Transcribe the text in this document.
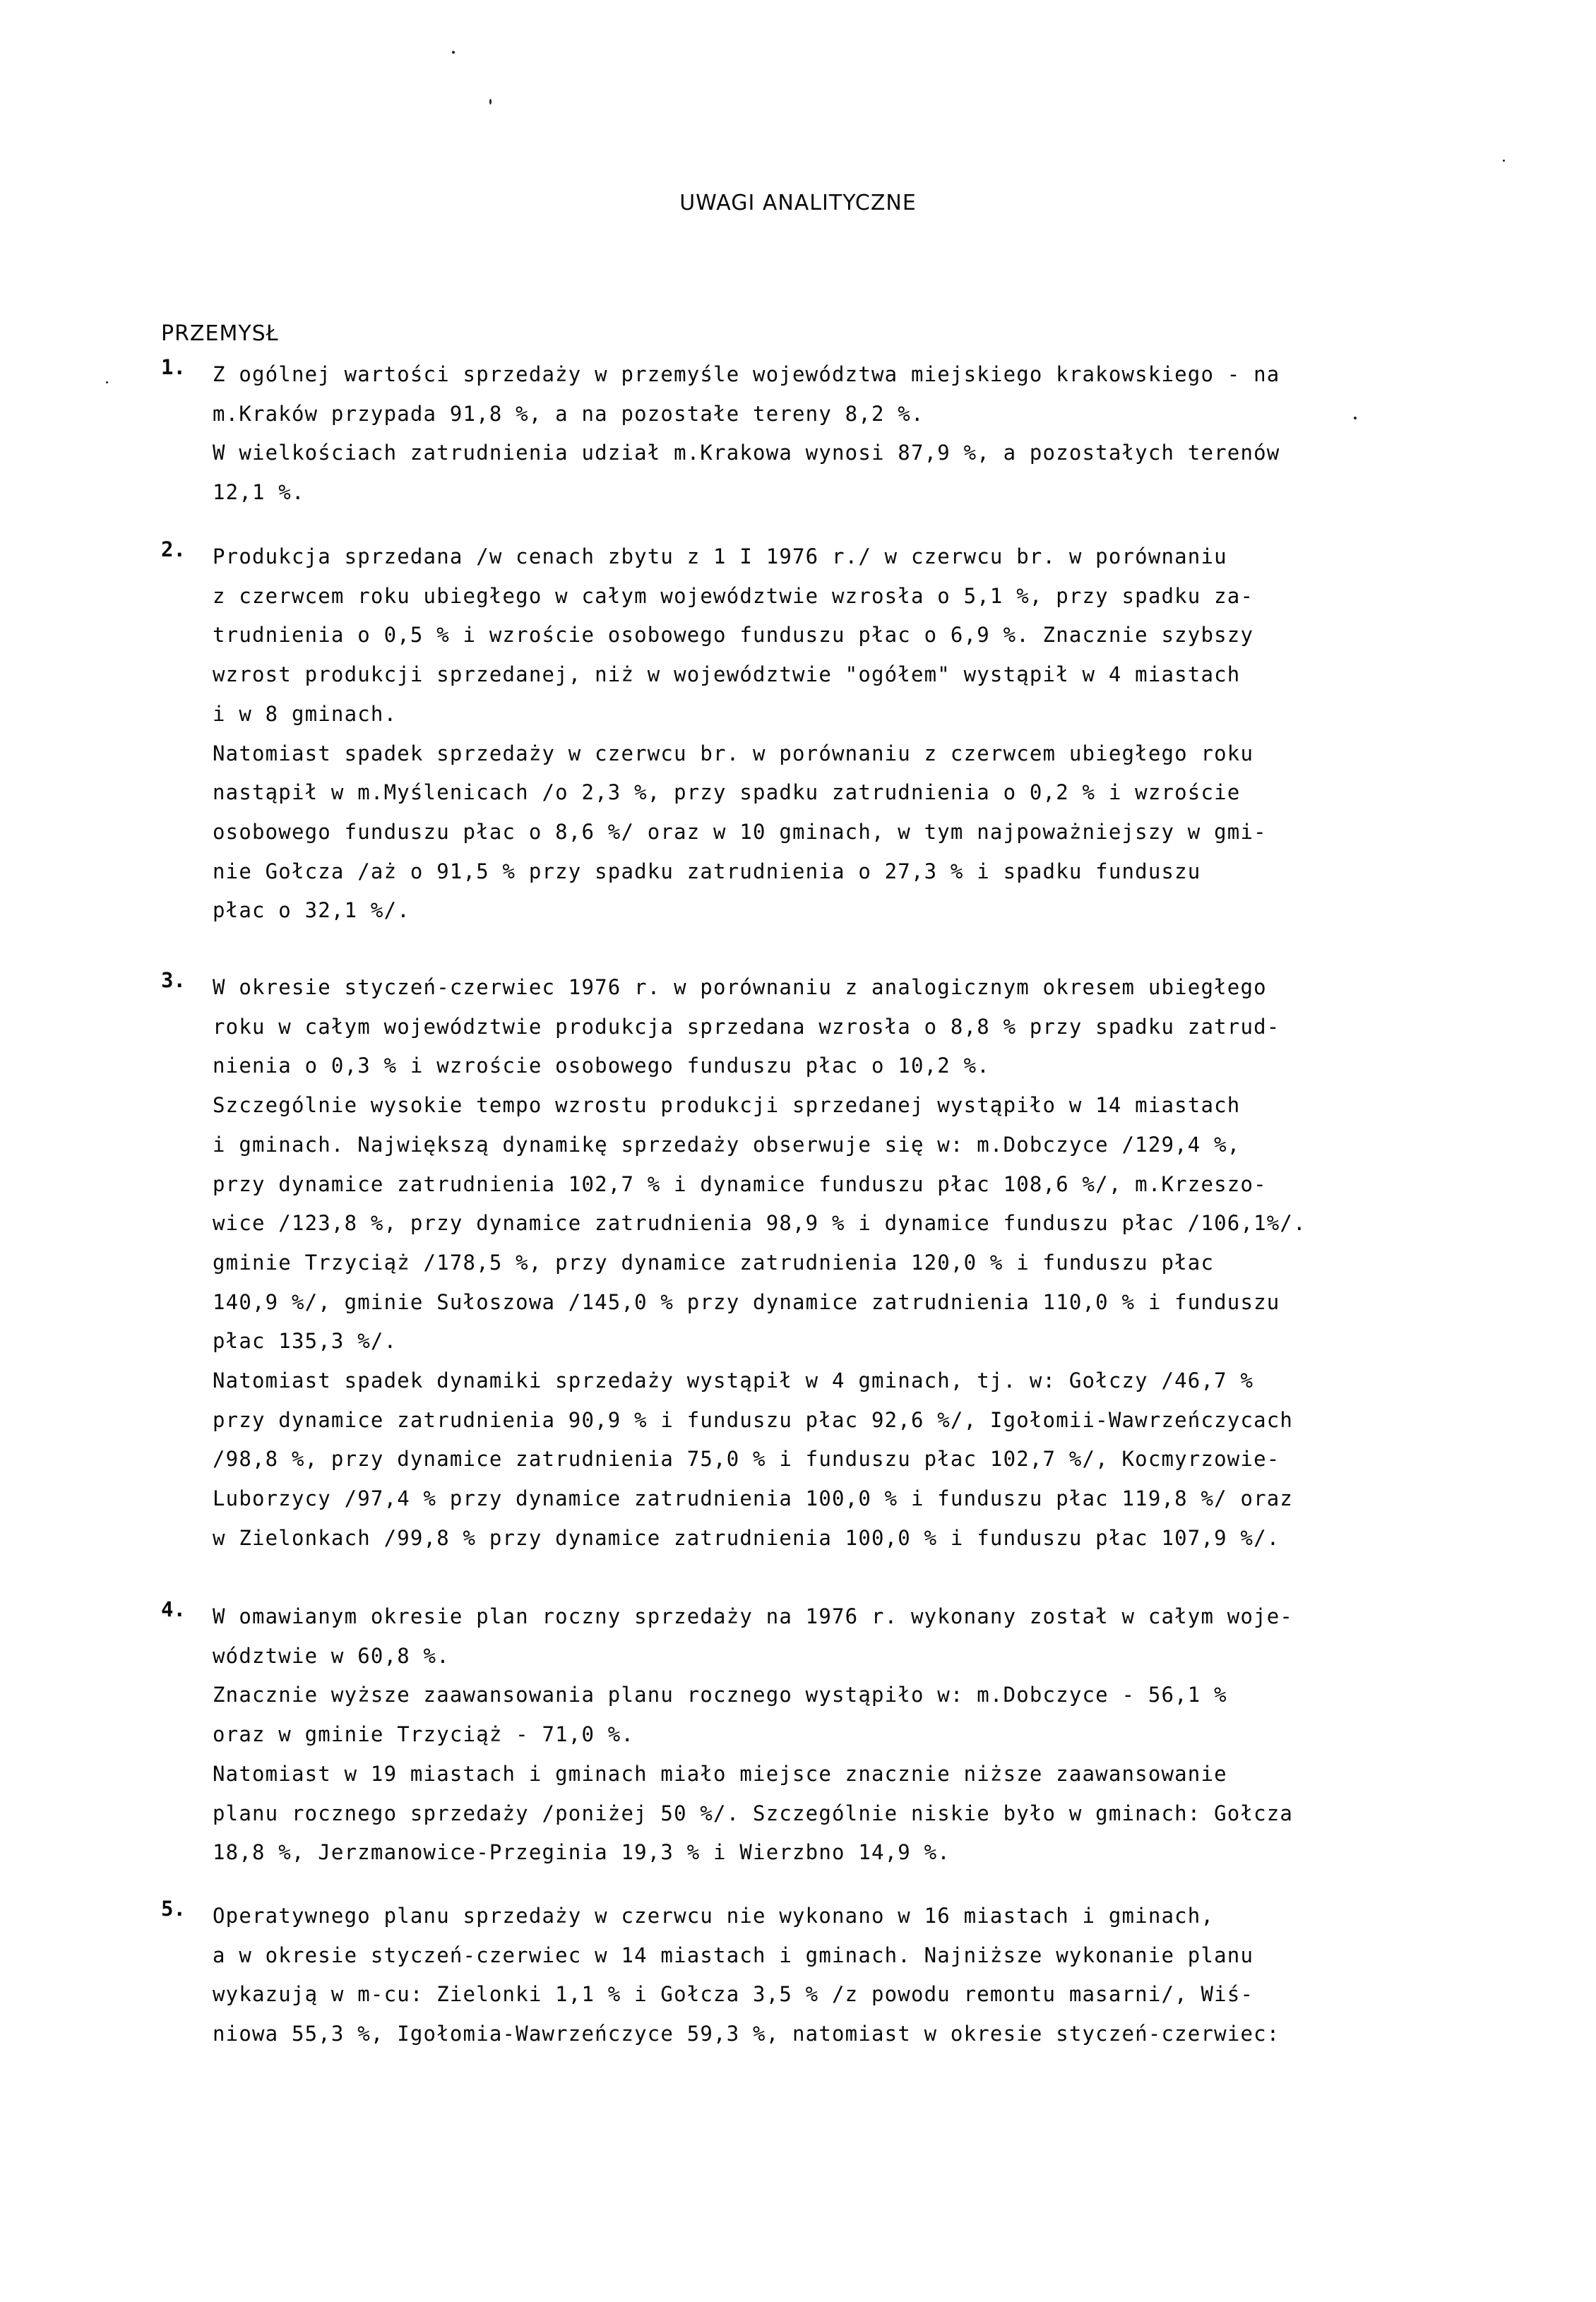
UWAGI ANALITYCZNE
PRZEMYSŁ
1. Z ogólnej wartości sprzedaży w przemyśle województwa miejskiego krakowskiego - na
m.Kraków przypada 91,8 %, a na pozostałe tereny 8,2 %.
W wielkościach zatrudnienia udział m.Krakowa wynosi 87,9 %, a pozostałych terenów
12,1 %.
2. Produkcja sprzedana /w cenach zbytu z 1 I 1976 r./ w czerwcu br. w porównaniu
z czerwcem roku ubiegłego w całym województwie wzrosła o 5,1 %, przy spadku za-
trudnienia o 0,5 % i wzroście osobowego funduszu płac o 6,9 %. Znacznie szybszy
wzrost produkcji sprzedanej, niż w województwie "ogółem" wystąpił w 4 miastach
i w 8 gminach.
Natomiast spadek sprzedaży w czerwcu br. w porównaniu z czerwcem ubiegłego roku
nastąpił w m.Myślenicach /o 2,3 %, przy spadku zatrudnienia o 0,2 % i wzroście
osobowego funduszu płac o 8,6 %/ oraz w 10 gminach, w tym najpoważniejszy w gmi-
nie Gołcza /aż o 91,5 % przy spadku zatrudnienia o 27,3 % i spadku funduszu
płac o 32,1 %/.
3. W okresie styczeń-czerwiec 1976 r. w porównaniu z analogicznym okresem ubiegłego
roku w całym województwie produkcja sprzedana wzrosła o 8,8 % przy spadku zatrud-
nienia o 0,3 % i wzroście osobowego funduszu płac o 10,2 %.
Szczególnie wysokie tempo wzrostu produkcji sprzedanej wystąpiło w 14 miastach
i gminach. Największą dynamikę sprzedaży obserwuje się w: m.Dobczyce /129,4 %,
przy dynamice zatrudnienia 102,7 % i dynamice funduszu płac 108,6 %/, m.Krzeszo-
wice /123,8 %, przy dynamice zatrudnienia 98,9 % i dynamice funduszu płac /106,1%/.
gminie Trzyciąż /178,5 %, przy dynamice zatrudnienia 120,0 % i funduszu płac
140,9 %/, gminie Sułoszowa /145,0 % przy dynamice zatrudnienia 110,0 % i funduszu
płac 135,3 %/.
Natomiast spadek dynamiki sprzedaży wystąpił w 4 gminach, tj. w: Gołczy /46,7 %
przy dynamice zatrudnienia 90,9 % i funduszu płac 92,6 %/, Igołomii-Wawrzeńczycach
/98,8 %, przy dynamice zatrudnienia 75,0 % i funduszu płac 102,7 %/, Kocmyrzowie-
Luborzycy /97,4 % przy dynamice zatrudnienia 100,0 % i funduszu płac 119,8 %/ oraz
w Zielonkach /99,8 % przy dynamice zatrudnienia 100,0 % i funduszu płac 107,9 %/.
4. W omawianym okresie plan roczny sprzedaży na 1976 r. wykonany został w całym woje-
wództwie w 60,8 %.
Znacznie wyższe zaawansowania planu rocznego wystąpiło w: m.Dobczyce - 56,1 %
oraz w gminie Trzyciąż - 71,0 %.
Natomiast w 19 miastach i gminach miało miejsce znacznie niższe zaawansowanie
planu rocznego sprzedaży /poniżej 50 %/. Szczególnie niskie było w gminach: Gołcza
18,8 %, Jerzmanowice-Przeginia 19,3 % i Wierzbno 14,9 %.
5. Operatywnego planu sprzedaży w czerwcu nie wykonano w 16 miastach i gminach,
a w okresie styczeń-czerwiec w 14 miastach i gminach. Najniższe wykonanie planu
wykazują w m-cu: Zielonki 1,1 % i Gołcza 3,5 % /z powodu remontu masarni/, Wiś-
niowa 55,3 %, Igołomia-Wawrzeńczyce 59,3 %, natomiast w okresie styczeń-czerwiec:
